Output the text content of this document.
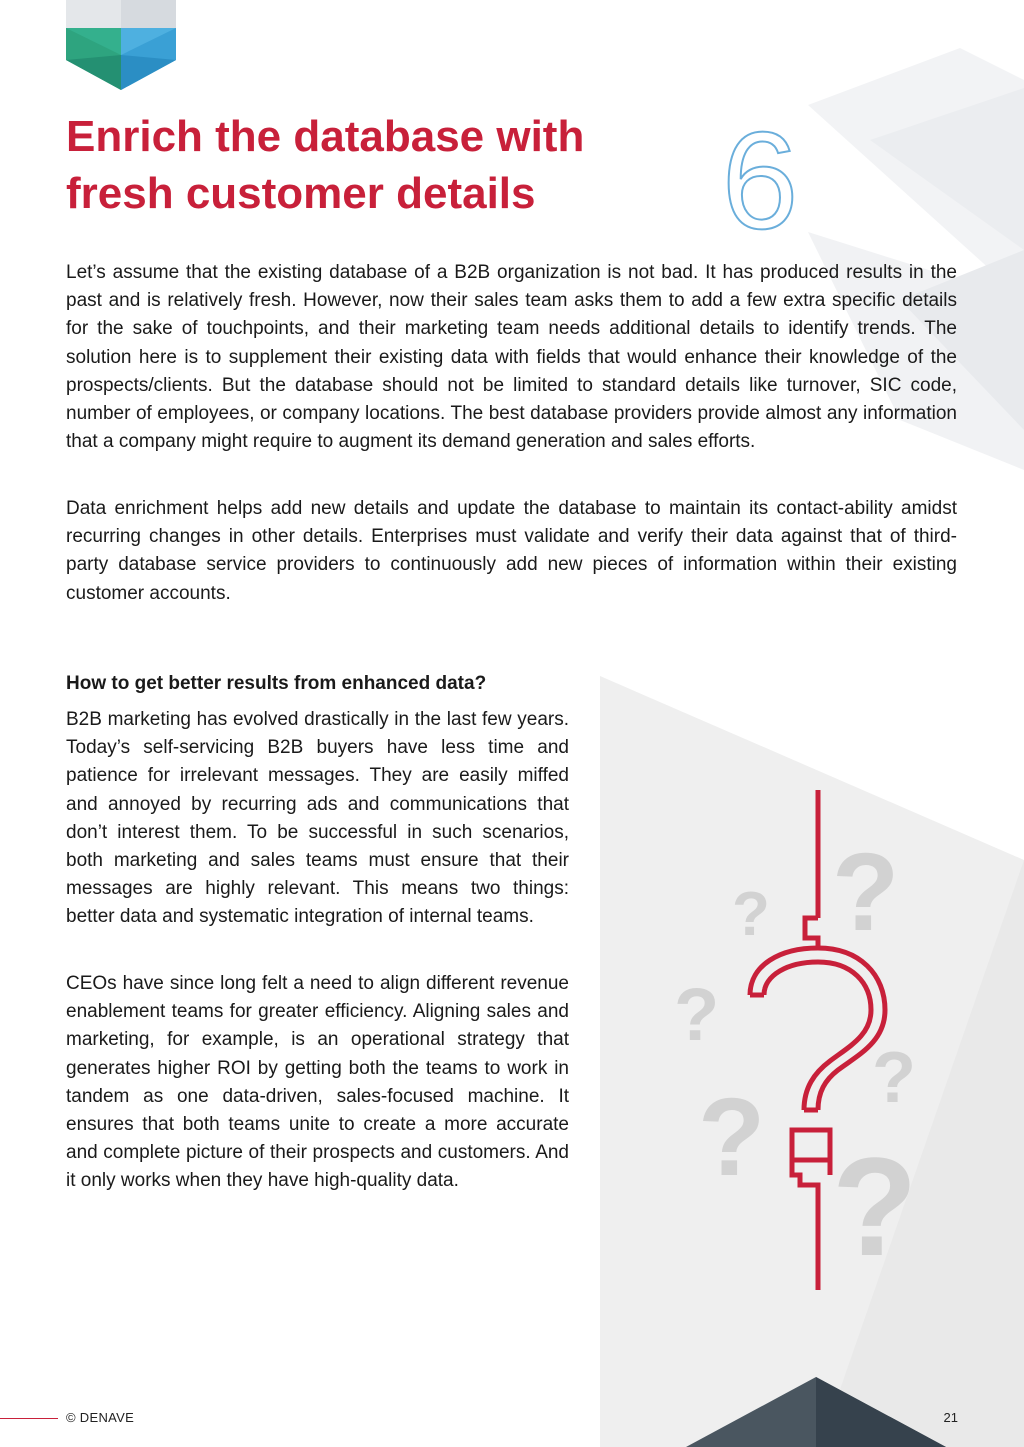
Enrich the database with
fresh customer details	6

Let’s assume that the existing database of a B2B organization is not bad. It has produced results in the past and is relatively fresh. However, now their sales team asks them to add a few extra specific details for the sake of touchpoints, and their marketing team needs additional details to identify trends. The solution here is to supplement their existing data with fields that would enhance their knowledge of the prospects/clients. But the database should not be limited to standard details like turnover, SIC code, number of employees, or company locations. The best database providers provide almost any information that a company might require to augment its demand generation and sales efforts.

Data enrichment helps add new details and update the database to maintain its contact-ability amidst recurring changes in other details. Enterprises must validate and verify their data against that of third-party database service providers to continuously add new pieces of information within their existing customer accounts.

How to get better results from enhanced data?

B2B marketing has evolved drastically in the last few years. Today’s self-servicing B2B buyers have less time and patience for irrelevant messages. They are easily miffed and annoyed by recurring ads and communications that don’t interest them. To be successful in such scenarios, both marketing and sales teams must ensure that their messages are highly relevant. This means two things: better data and systematic integration of internal teams.

CEOs have since long felt a need to align different revenue enablement teams for greater efficiency. Aligning sales and marketing, for example, is an operational strategy that generates higher ROI by getting both the teams to work in tandem as one data-driven, sales-focused machine. It ensures that both teams unite to create a more accurate and complete picture of their prospects and customers. And it only works when they have high-quality data.

?
?
?
?
? ?
© DENAVE	21
